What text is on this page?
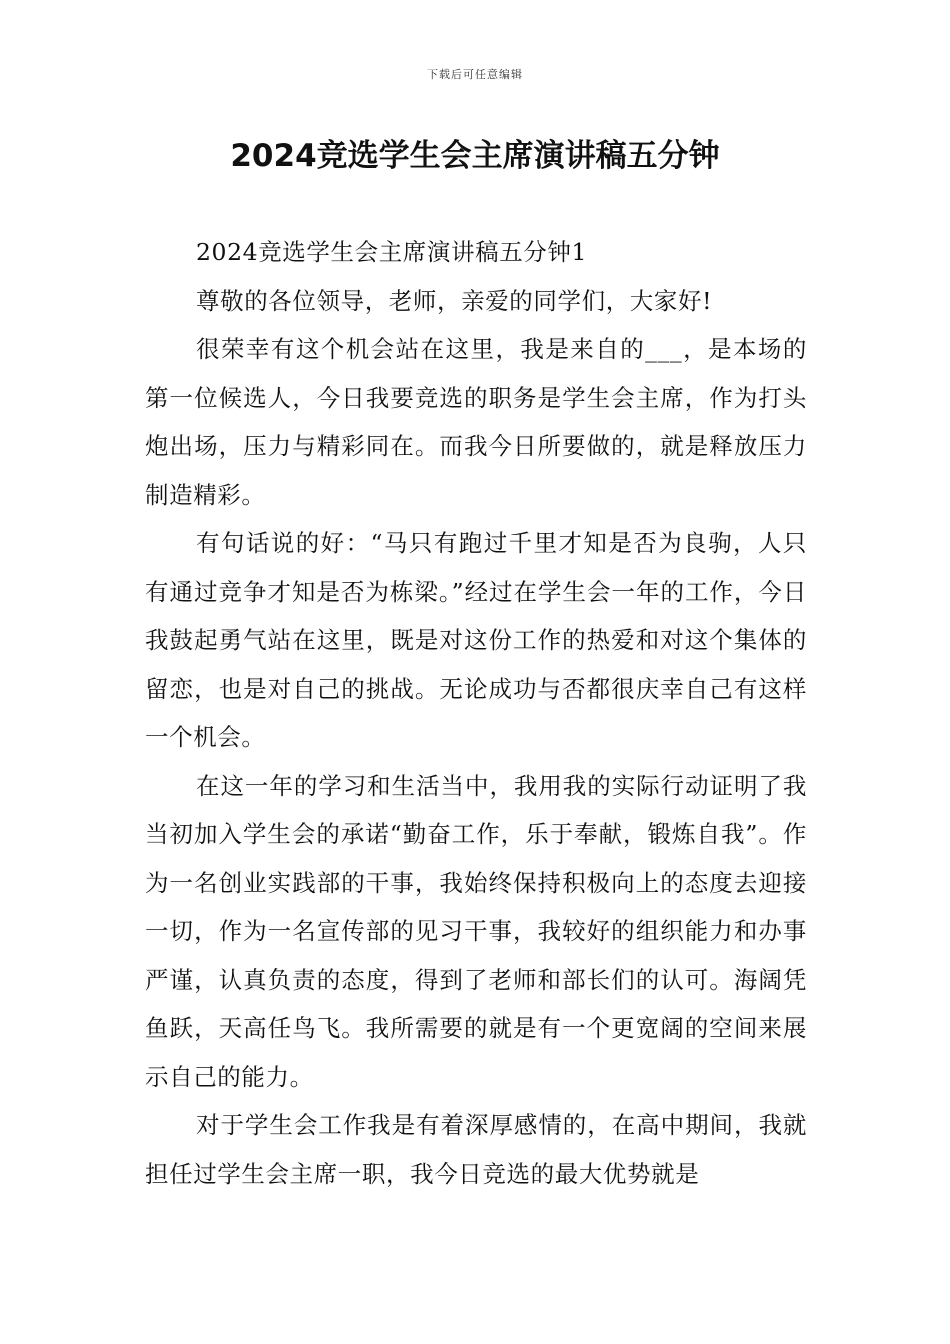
下载后可任意编辑
2024竞选学生会主席演讲稿五分钟

2024竞选学生会主席演讲稿五分钟1

尊敬的各位领导，老师，亲爱的同学们，大家好!

很荣幸有这个机会站在这里，我是来自的___，是本场的第一位候选人，今日我要竞选的职务是学生会主席，作为打头炮出场，压力与精彩同在。而我今日所要做的，就是释放压力制造精彩。

有句话说的好：“马只有跑过千里才知是否为良驹，人只有通过竞争才知是否为栋梁。”经过在学生会一年的工作，今日我鼓起勇气站在这里，既是对这份工作的热爱和对这个集体的留恋，也是对自己的挑战。无论成功与否都很庆幸自己有这样一个机会。

在这一年的学习和生活当中，我用我的实际行动证明了我当初加入学生会的承诺“勤奋工作，乐于奉献，锻炼自我”。作为一名创业实践部的干事，我始终保持积极向上的态度去迎接一切，作为一名宣传部的见习干事，我较好的组织能力和办事严谨，认真负责的态度，得到了老师和部长们的认可。海阔凭鱼跃，天高任鸟飞。我所需要的就是有一个更宽阔的空间来展示自己的能力。

对于学生会工作我是有着深厚感情的，在高中期间，我就担任过学生会主席一职，我今日竞选的最大优势就是
